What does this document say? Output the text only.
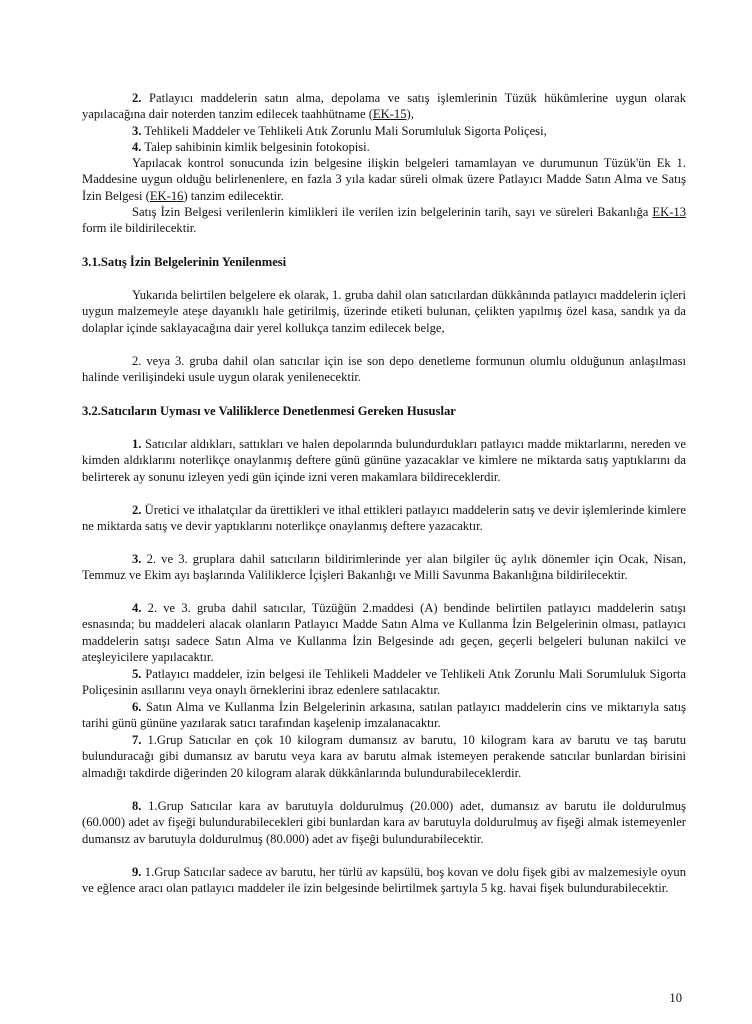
2. Patlayıcı maddelerin satın alma, depolama ve satış işlemlerinin Tüzük hükümlerine uygun olarak yapılacağına dair noterden tanzim edilecek taahhütname (EK-15),

3. Tehlikeli Maddeler ve Tehlikeli Atık Zorunlu Mali Sorumluluk Sigorta Poliçesi,

4. Talep sahibinin kimlik belgesinin fotokopisi.

Yapılacak kontrol sonucunda izin belgesine ilişkin belgeleri tamamlayan ve durumunun Tüzük'ün Ek 1. Maddesine uygun olduğu belirlenenlere, en fazla 3 yıla kadar süreli olmak üzere Patlayıcı Madde Satın Alma ve Satış İzin Belgesi (EK-16) tanzim edilecektir.

Satış İzin Belgesi verilenlerin kimlikleri ile verilen izin belgelerinin tarih, sayı ve süreleri Bakanlığa EK-13 form ile bildirilecektir.

3.1.Satış İzin Belgelerinin Yenilenmesi

Yukarıda belirtilen belgelere ek olarak, 1. gruba dahil olan satıcılardan dükkânında patlayıcı maddelerin içleri uygun malzemeyle ateşe dayanıklı hale getirilmiş, üzerinde etiketi bulunan, çelikten yapılmış özel kasa, sandık ya da dolaplar içinde saklayacağına dair yerel kollukça tanzim edilecek belge,

2. veya 3. gruba dahil olan satıcılar için ise son depo denetleme formunun olumlu olduğunun anlaşılması halinde verilişindeki usule uygun olarak yenilenecektir.

3.2.Satıcıların Uyması ve Valiliklerce Denetlenmesi Gereken Hususlar

1. Satıcılar aldıkları, sattıkları ve halen depolarında bulundurdukları patlayıcı madde miktarlarını, nereden ve kimden aldıklarını noterlikçe onaylanmış deftere günü gününe yazacaklar ve kimlere ne miktarda satış yaptıklarını da belirterek ay sonunu izleyen yedi gün içinde izni veren makamlara bildireceklerdir.

2. Üretici ve ithalatçılar da ürettikleri ve ithal ettikleri patlayıcı maddelerin satış ve devir işlemlerinde kimlere ne miktarda satış ve devir yaptıklarını noterlikçe onaylanmış deftere yazacaktır.

3. 2. ve 3. gruplara dahil satıcıların bildirimlerinde yer alan bilgiler üç aylık dönemler için Ocak, Nisan, Temmuz ve Ekim ayı başlarında Valiliklerce İçişleri Bakanlığı ve Milli Savunma Bakanlığına bildirilecektir.

4. 2. ve 3. gruba dahil satıcılar, Tüzüğün 2.maddesi (A) bendinde belirtilen patlayıcı maddelerin satışı esnasında; bu maddeleri alacak olanların Patlayıcı Madde Satın Alma ve Kullanma İzin Belgelerinin olması, patlayıcı maddelerin satışı sadece Satın Alma ve Kullanma İzin Belgesinde adı geçen, geçerli belgeleri bulunan nakilci ve ateşleyicilere yapılacaktır.

5. Patlayıcı maddeler, izin belgesi ile Tehlikeli Maddeler ve Tehlikeli Atık Zorunlu Mali Sorumluluk Sigorta Poliçesinin asıllarını veya onaylı örneklerini ibraz edenlere satılacaktır.

6. Satın Alma ve Kullanma İzin Belgelerinin arkasına, satılan patlayıcı maddelerin cins ve miktarıyla satış tarihi günü gününe yazılarak satıcı tarafından kaşelenip imzalanacaktır.

7. 1.Grup Satıcılar en çok 10 kilogram dumansız av barutu, 10 kilogram kara av barutu ve taş barutu bulunduracağı gibi dumansız av barutu veya kara av barutu almak istemeyen perakende satıcılar bunlardan birisini almadığı takdirde diğerinden 20 kilogram alarak dükkânlarında bulundurabileceklerdir.

8. 1.Grup Satıcılar kara av barutuyla doldurulmuş (20.000) adet, dumansız av barutu ile doldurulmuş (60.000) adet av fişeği bulundurabilecekleri gibi bunlardan kara av barutuyla doldurulmuş av fişeği almak istemeyenler dumansız av barutuyla doldurulmuş (80.000) adet av fişeği bulundurabilecektir.

9. 1.Grup Satıcılar sadece av barutu, her türlü av kapsülü, boş kovan ve dolu fişek gibi av malzemesiyle oyun ve eğlence aracı olan patlayıcı maddeler ile izin belgesinde belirtilmek şartıyla 5 kg. havai fişek bulundurabilecektir.

10
